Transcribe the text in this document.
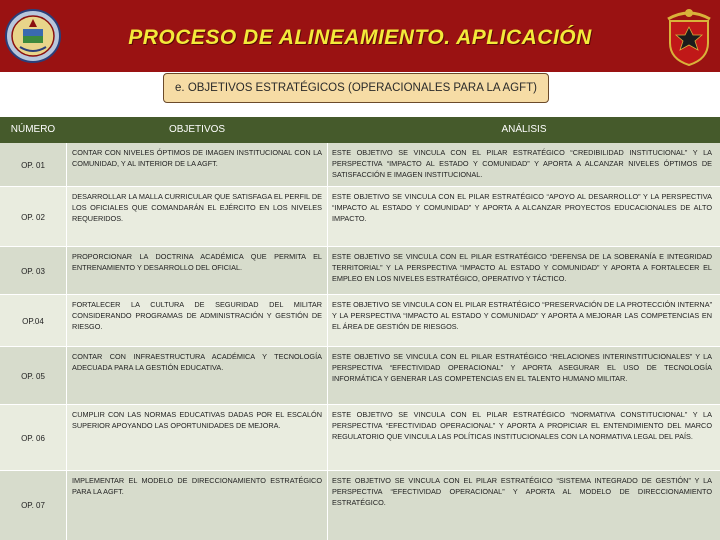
PROCESO DE ALINEAMIENTO. APLICACIÓN
e. OBJETIVOS ESTRATÉGICOS (OPERACIONALES PARA LA AGFT)
NÚMERO	OBJETIVOS	ANÁLISIS
OP. 01
CONTAR CON NIVELES ÓPTIMOS DE IMAGEN INSTITUCIONAL CON LA COMUNIDAD, Y AL INTERIOR DE LA AGFT.
ESTE OBJETIVO SE VINCULA CON EL PILAR ESTRATÉGICO “CREDIBILIDAD INSTITUCIONAL” Y LA PERSPECTIVA “IMPACTO AL ESTADO Y COMUNIDAD” Y APORTA A ALCANZAR NIVELES ÓPTIMOS DE SATISFACCIÓN E IMAGEN INSTITUCIONAL.
OP. 02
DESARROLLAR LA MALLA CURRICULAR QUE SATISFAGA EL PERFIL DE LOS OFICIALES QUE COMANDARÁN EL EJÉRCITO EN LOS NIVELES REQUERIDOS.
ESTE OBJETIVO SE VINCULA CON EL PILAR ESTRATÉGICO “APOYO AL DESARROLLO” Y LA PERSPECTIVA “IMPACTO AL ESTADO Y COMUNIDAD” Y APORTA A ALCANZAR PROYECTOS EDUCACIONALES DE ALTO IMPACTO.
OP. 03
PROPORCIONAR LA DOCTRINA ACADÉMICA QUE PERMITA EL ENTRENAMIENTO Y DESARROLLO DEL OFICIAL.
ESTE OBJETIVO SE VINCULA CON EL PILAR ESTRATÉGICO “DEFENSA DE LA SOBERANÍA E INTEGRIDAD TERRITORIAL” Y LA PERSPECTIVA “IMPACTO AL ESTADO Y COMUNIDAD” Y APORTA A FORTALECER EL EMPLEO EN LOS NIVELES ESTRATÉGICO, OPERATIVO Y TÁCTICO.
OP.04
FORTALECER LA CULTURA DE SEGURIDAD DEL MILITAR CONSIDERANDO PROGRAMAS DE ADMINISTRACIÓN Y GESTIÓN DE RIESGO.
ESTE OBJETIVO SE VINCULA CON EL PILAR ESTRATÉGICO “PRESERVACIÓN DE LA PROTECCIÓN INTERNA” Y LA PERSPECTIVA “IMPACTO AL ESTADO Y COMUNIDAD” Y APORTA A MEJORAR LAS COMPETENCIAS EN EL ÁREA DE GESTIÓN DE RIESGOS.
OP. 05
CONTAR CON INFRAESTRUCTURA ACADÉMICA Y TECNOLOGÍA ADECUADA PARA LA GESTIÓN EDUCATIVA.
ESTE OBJETIVO SE VINCULA CON EL PILAR ESTRATÉGICO “RELACIONES INTERINSTITUCIONALES” Y LA PERSPECTIVA “EFECTIVIDAD OPERACIONAL” Y APORTA ASEGURAR EL USO DE TECNOLOGÍA INFORMÁTICA Y GENERAR LAS COMPETENCIAS EN EL TALENTO HUMANO MILITAR.
OP. 06
CUMPLIR CON LAS NORMAS EDUCATIVAS DADAS POR EL ESCALÓN SUPERIOR APOYANDO LAS OPORTUNIDADES DE MEJORA.
ESTE OBJETIVO SE VINCULA CON EL PILAR ESTRATÉGICO “NORMATIVA CONSTITUCIONAL” Y LA PERSPECTIVA “EFECTIVIDAD OPERACIONAL” Y APORTA A PROPICIAR EL ENTENDIMIENTO DEL MARCO REGULATORIO QUE VINCULA LAS POLÍTICAS INSTITUCIONALES CON LA NORMATIVA LEGAL DEL PAÍS.
OP. 07
IMPLEMENTAR EL MODELO DE DIRECCIONAMIENTO ESTRATÉGICO PARA LA AGFT.
ESTE OBJETIVO SE VINCULA CON EL PILAR ESTRATÉGICO “SISTEMA INTEGRADO DE GESTIÓN” Y LA PERSPECTIVA “EFECTIVIDAD OPERACIONAL” Y APORTA AL MODELO DE DIRECCIONAMIENTO ESTRATÉGICO.
